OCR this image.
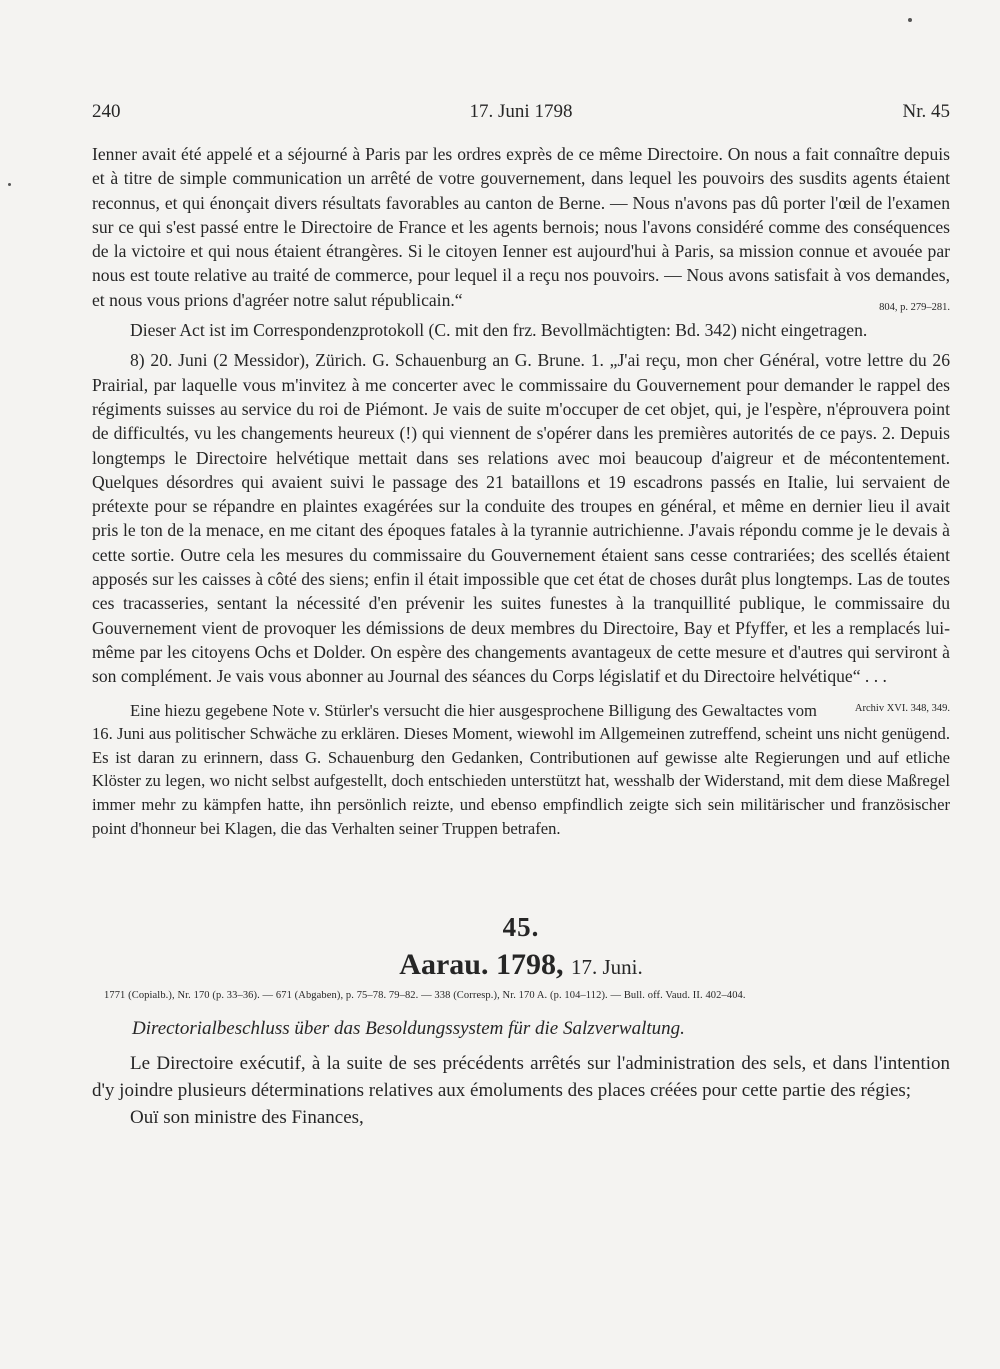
240	17. Juni 1798	Nr. 45

Ienner avait été appelé et a séjourné à Paris par les ordres exprès de ce même Directoire. On nous a fait connaître depuis et à titre de simple communication un arrêté de votre gouvernement, dans lequel les pouvoirs des susdits agents étaient reconnus, et qui énonçait divers résultats favorables au canton de Berne. — Nous n'avons pas dû porter l'œil de l'examen sur ce qui s'est passé entre le Directoire de France et les agents bernois; nous l'avons considéré comme des conséquences de la victoire et qui nous étaient étrangères. Si le citoyen Ienner est aujourd'hui à Paris, sa mission connue et avouée par nous est toute relative au traité de commerce, pour lequel il a reçu nos pouvoirs. — Nous avons satisfait à vos demandes, et nous vous prions d'agréer notre salut républicain.“	804, p. 279–281.

Dieser Act ist im Correspondenzprotokoll (C. mit den frz. Bevollmächtigten: Bd. 342) nicht eingetragen.

8) 20. Juni (2 Messidor), Zürich. G. Schauenburg an G. Brune. 1. „J'ai reçu, mon cher Général, votre lettre du 26 Prairial, par laquelle vous m'invitez à me concerter avec le commissaire du Gouvernement pour demander le rappel des régiments suisses au service du roi de Piémont. Je vais de suite m'occuper de cet objet, qui, je l'espère, n'éprouvera point de difficultés, vu les changements heureux (!) qui viennent de s'opérer dans les premières autorités de ce pays. 2. Depuis longtemps le Directoire helvétique mettait dans ses relations avec moi beaucoup d'aigreur et de mécontentement. Quelques désordres qui avaient suivi le passage des 21 bataillons et 19 escadrons passés en Italie, lui servaient de prétexte pour se répandre en plaintes exagérées sur la conduite des troupes en général, et même en dernier lieu il avait pris le ton de la menace, en me citant des époques fatales à la tyrannie autrichienne. J'avais répondu comme je le devais à cette sortie. Outre cela les mesures du commissaire du Gouvernement étaient sans cesse contrariées; des scellés étaient apposés sur les caisses à côté des siens; enfin il était impossible que cet état de choses durât plus longtemps. Las de toutes ces tracasseries, sentant la nécessité d'en prévenir les suites funestes à la tranquillité publique, le commissaire du Gouvernement vient de provoquer les démissions de deux membres du Directoire, Bay et Pfyffer, et les a remplacés lui-même par les citoyens Ochs et Dolder. On espère des changements avantageux de cette mesure et d'autres qui serviront à son complément. Je vais vous abonner au Journal des séances du Corps législatif et du Directoire helvétique“ . . .
Archiv XVI. 348, 349.

Eine hiezu gegebene Note v. Stürler's versucht die hier ausgesprochene Billigung des Gewaltactes vom 16. Juni aus politischer Schwäche zu erklären. Dieses Moment, wiewohl im Allgemeinen zutreffend, scheint uns nicht genügend. Es ist daran zu erinnern, dass G. Schauenburg den Gedanken, Contributionen auf gewisse alte Regierungen und auf etliche Klöster zu legen, wo nicht selbst aufgestellt, doch entschieden unterstützt hat, wesshalb der Widerstand, mit dem diese Maßregel immer mehr zu kämpfen hatte, ihn persönlich reizte, und ebenso empfindlich zeigte sich sein militärischer und französischer point d'honneur bei Klagen, die das Verhalten seiner Truppen betrafen.

45.
Aarau. 1798, 17. Juni.
1771 (Copialb.), Nr. 170 (p. 33–36). — 671 (Abgaben), p. 75–78. 79–82. — 338 (Corresp.), Nr. 170 A. (p. 104–112). — Bull. off. Vaud. II. 402–404.
Directorialbeschluss über das Besoldungssystem für die Salzverwaltung.

Le Directoire exécutif, à la suite de ses précédents arrêtés sur l'administration des sels, et dans l'intention d'y joindre plusieurs déterminations relatives aux émoluments des places créées pour cette partie des régies;

Ouï son ministre des Finances,
